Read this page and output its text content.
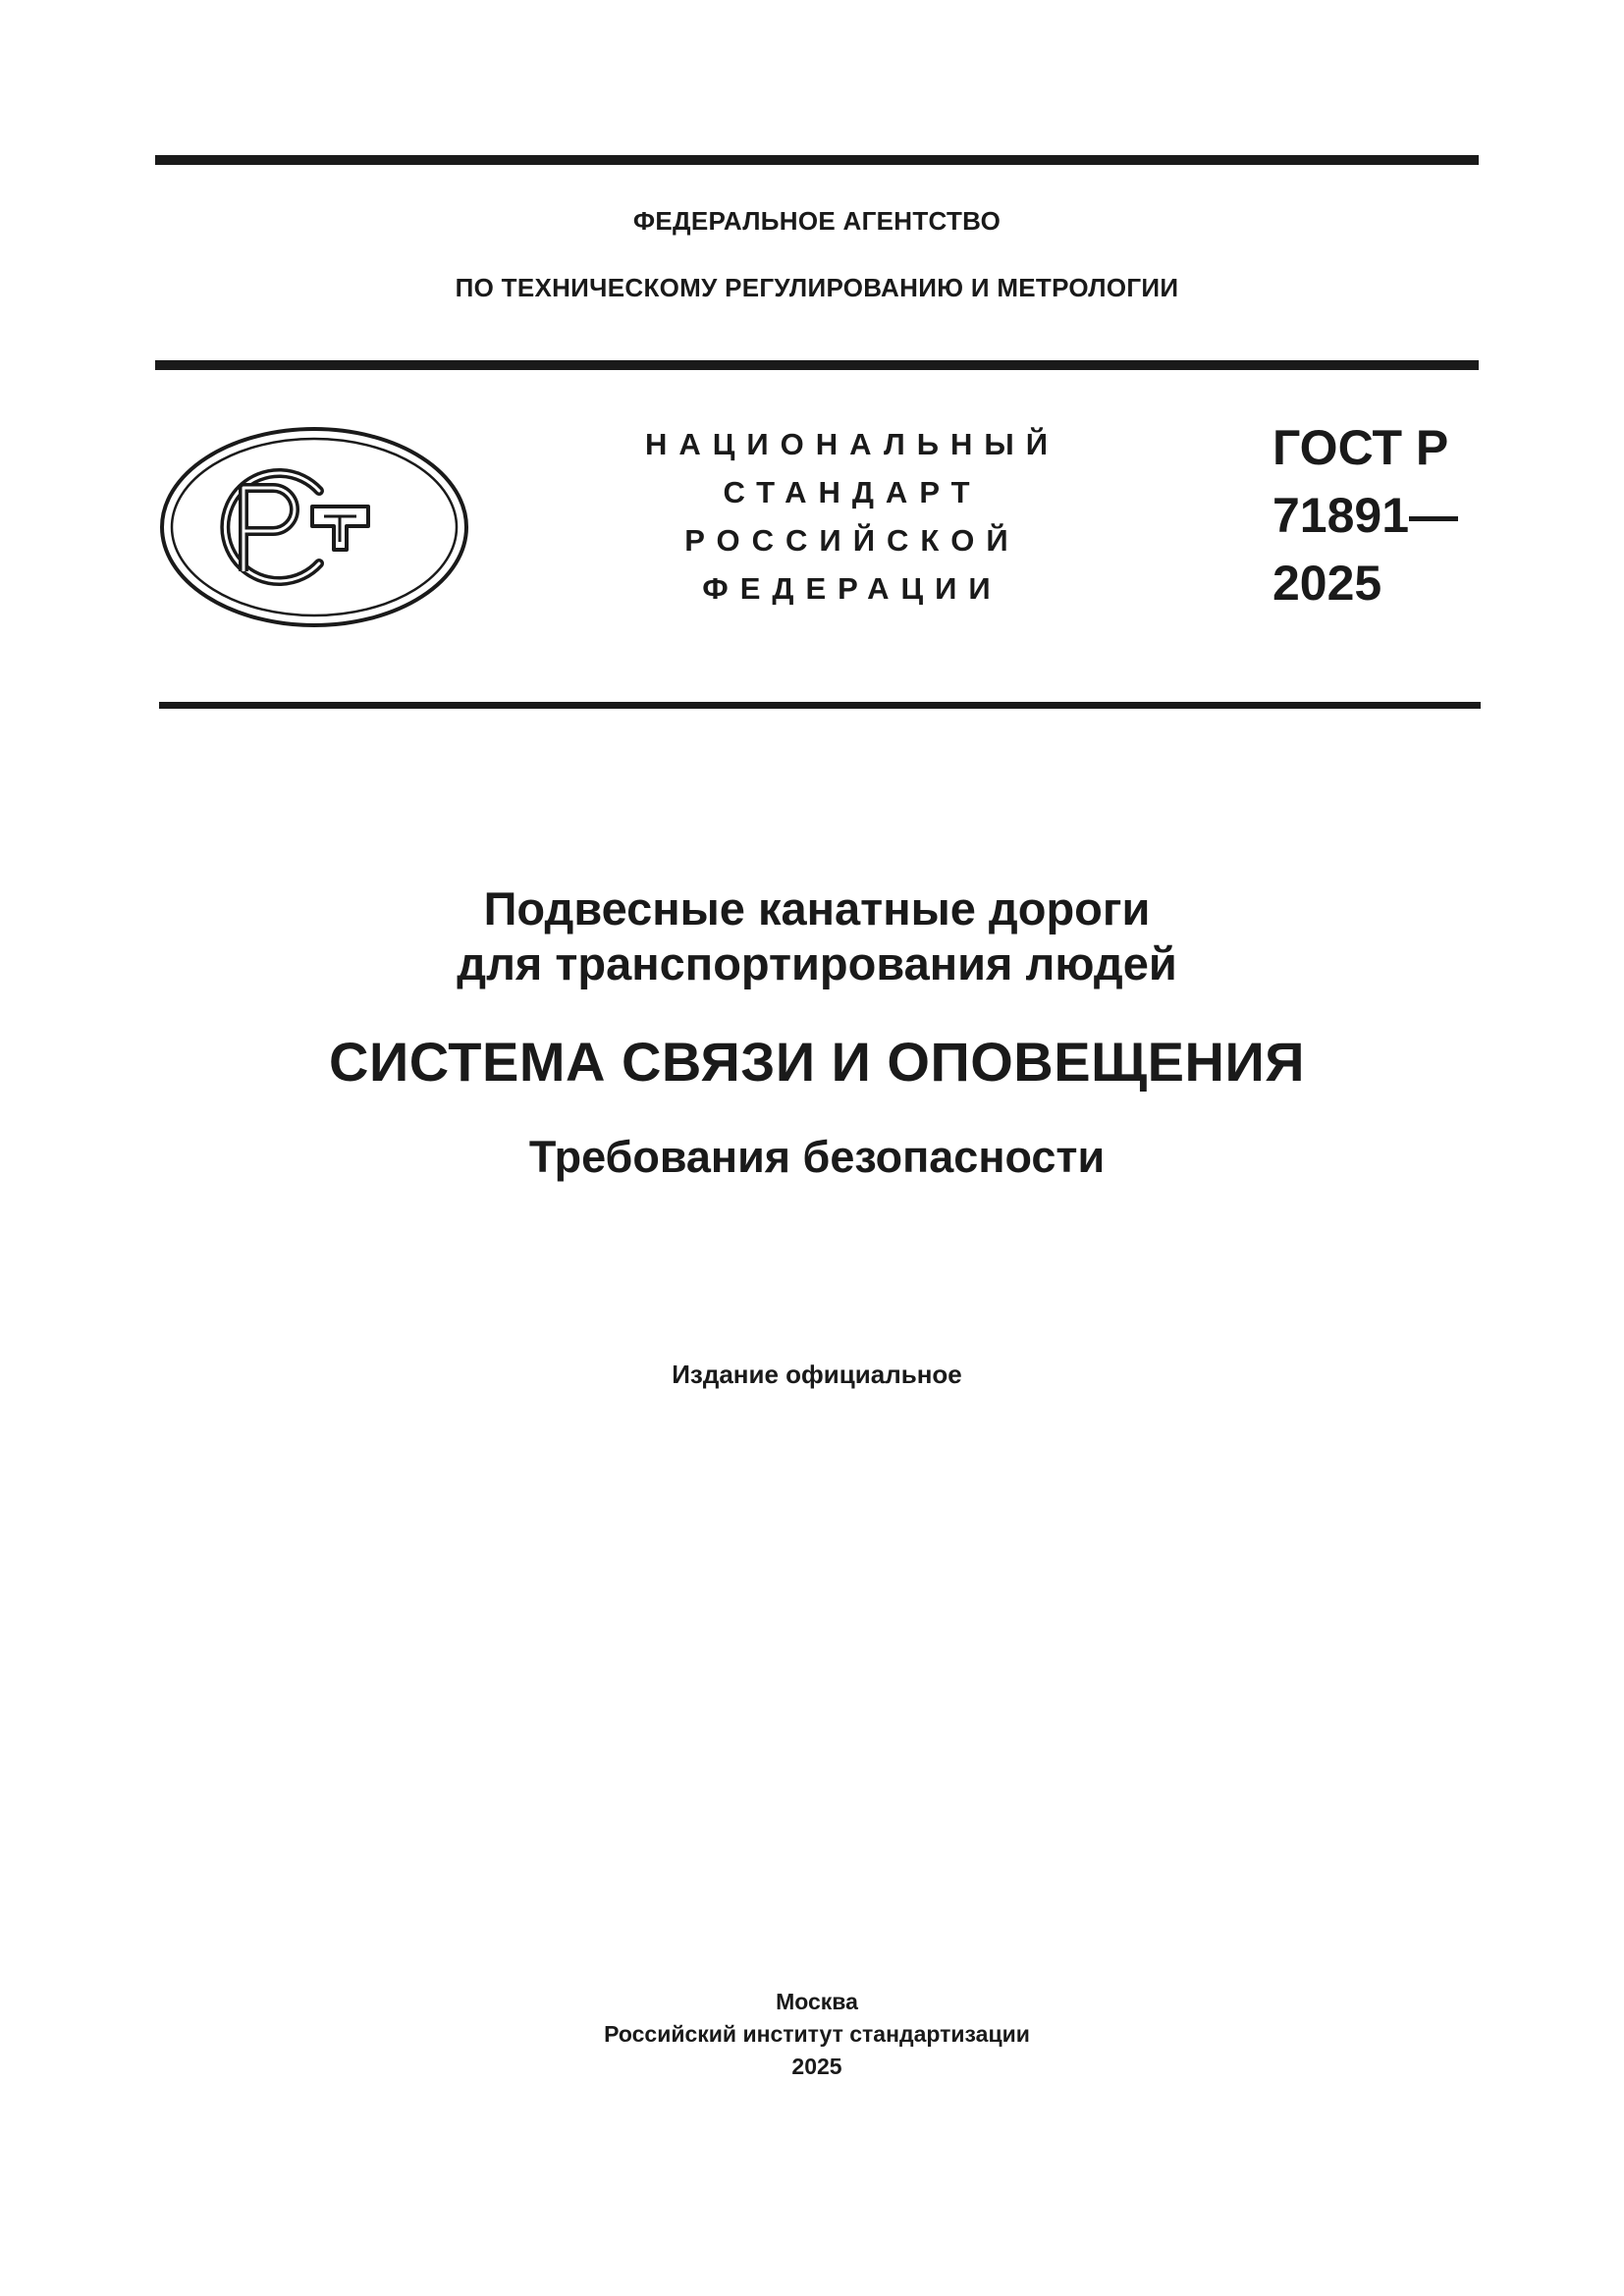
ФЕДЕРАЛЬНОЕ АГЕНТСТВО
ПО ТЕХНИЧЕСКОМУ РЕГУЛИРОВАНИЮ И МЕТРОЛОГИИ
НАЦИОНАЛЬНЫЙ
СТАНДАРТ
РОССИЙСКОЙ
ФЕДЕРАЦИИ
ГОСТ Р
71891—
2025
Подвесные канатные дороги
для транспортирования людей
СИСТЕМА СВЯЗИ И ОПОВЕЩЕНИЯ
Требования безопасности
Издание официальное
Москва
Российский институт стандартизации
2025
